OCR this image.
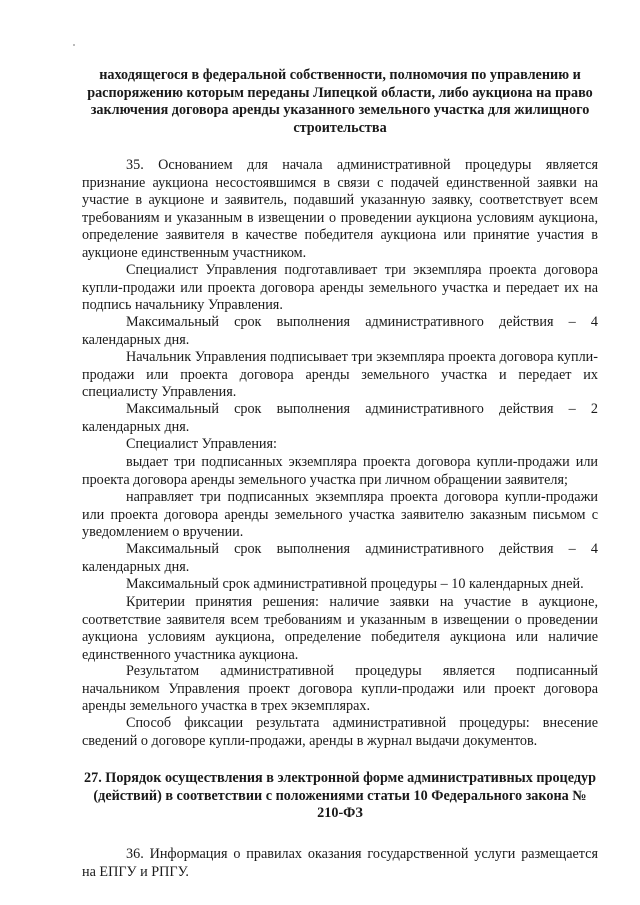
находящегося в федеральной собственности, полномочия по управлению и распоряжению которым переданы Липецкой области, либо аукциона на право заключения договора аренды указанного земельного участка для жилищного строительства

35. Основанием для начала административной процедуры является признание аукциона несостоявшимся в связи с подачей единственной заявки на участие в аукционе и заявитель, подавший указанную заявку, соответствует всем требованиям и указанным в извещении о проведении аукциона условиям аукциона, определение заявителя в качестве победителя аукциона или принятие участия в аукционе единственным участником.

Специалист Управления подготавливает три экземпляра проекта договора купли-продажи или проекта договора аренды земельного участка и передает их на подпись начальнику Управления.

Максимальный срок выполнения административного действия – 4 календарных дня.

Начальник Управления подписывает три экземпляра проекта договора купли-продажи или проекта договора аренды земельного участка и передает их специалисту Управления.

Максимальный срок выполнения административного действия – 2 календарных дня.

Специалист Управления:

выдает три подписанных экземпляра проекта договора купли-продажи или проекта договора аренды земельного участка при личном обращении заявителя;

направляет три подписанных экземпляра проекта договора купли-продажи или проекта договора аренды земельного участка заявителю заказным письмом с уведомлением о вручении.

Максимальный срок выполнения административного действия – 4 календарных дня.

Максимальный срок административной процедуры – 10 календарных дней.

Критерии принятия решения: наличие заявки на участие в аукционе, соответствие заявителя всем требованиям и указанным в извещении о проведении аукциона условиям аукциона, определение победителя аукциона или наличие единственного участника аукциона.

Результатом административной процедуры является подписанный начальником Управления проект договора купли-продажи или проект договора аренды земельного участка в трех экземплярах.

Способ фиксации результата административной процедуры: внесение сведений о договоре купли-продажи, аренды в журнал выдачи документов.

27. Порядок осуществления в электронной форме административных процедур (действий) в соответствии с положениями статьи 10 Федерального закона № 210-ФЗ

36. Информация о правилах оказания государственной услуги размещается на ЕПГУ и РПГУ.
